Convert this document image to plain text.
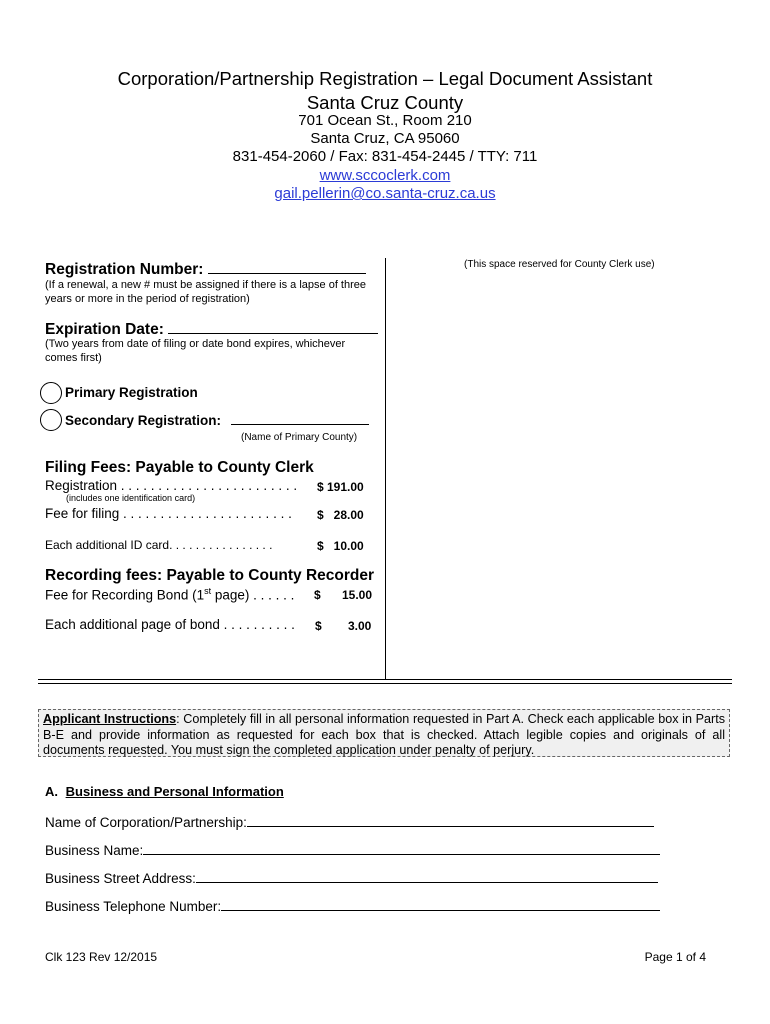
Corporation/Partnership Registration – Legal Document Assistant
Santa Cruz County
701 Ocean St., Room 210
Santa Cruz, CA 95060
831-454-2060 / Fax: 831-454-2445 / TTY: 711
www.sccoclerk.com
gail.pellerin@co.santa-cruz.ca.us
(This space reserved for County Clerk use)
Registration Number:
(If a renewal, a new # must be assigned if there is a lapse of three years or more in the period of registration)
Expiration Date:
(Two years from date of filing or date bond expires, whichever comes first)
Primary Registration
Secondary Registration:
(Name of Primary County)
Filing Fees: Payable to County Clerk
Registration . . . . . . . . . . . . . . . . . . . . . . . .	$ 191.00
(includes one identification card)
Fee for filing . . . . . . . . . . . . . . . . . . . . . . .	$   28.00
Each additional ID card. . . . . . . . . . . . . . . .	$   10.00
Recording fees: Payable to County Recorder
Fee for Recording Bond (1st page) . . . . . .	$ 15.00
Each additional page of bond . . . . . . . . . .	$ 3.00
Applicant Instructions: Completely fill in all personal information requested in Part A. Check each applicable box in Parts B-E and provide information as requested for each box that is checked. Attach legible copies and originals of all documents requested. You must sign the completed application under penalty of perjury.
A. Business and Personal Information
Name of Corporation/Partnership:
Business Name:
Business Street Address:
Business Telephone Number:
Clk 123 Rev 12/2015	Page 1 of 4
